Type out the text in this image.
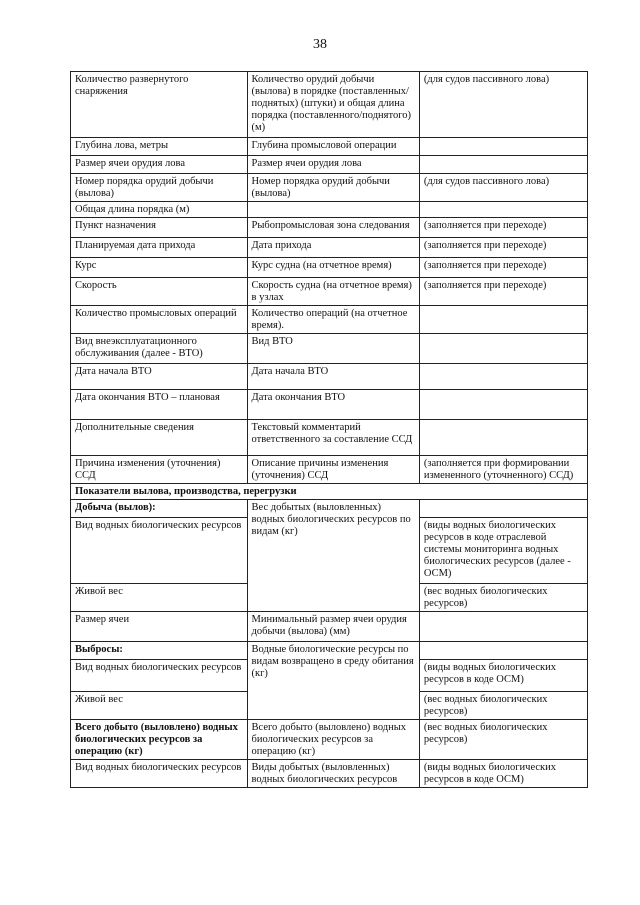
38
Количество развернутого снаряжения	Количество орудий добычи (вылова) в порядке (поставленных/поднятых) (штуки) и общая длина порядка (поставленного/поднятого) (м)	(для судов пассивного лова)
Глубина лова, метры	Глубина промысловой операции	
Размер ячеи орудия лова	Размер ячеи орудия лова	
Номер порядка орудий добычи (вылова)	Номер порядка орудий добычи (вылова)	(для судов пассивного лова)
Общая длина порядка (м)		
Пункт назначения	Рыбопромысловая зона следования	(заполняется при переходе)
Планируемая дата прихода	Дата прихода	(заполняется при переходе)
Курс	Курс судна (на отчетное время)	(заполняется при переходе)
Скорость	Скорость судна (на отчетное время) в узлах	(заполняется при переходе)
Количество промысловых операций	Количество операций (на отчетное время).	
Вид внеэксплуатационного обслуживания (далее - ВТО)	Вид ВТО	
Дата начала ВТО	Дата начала ВТО	
Дата окончания ВТО – плановая	Дата окончания ВТО	
Дополнительные сведения	Текстовый комментарий ответственного за составление ССД	
Причина изменения (уточнения) ССД	Описание причины изменения (уточнения) ССД	(заполняется при формировании измененного (уточненного) ССД)
Показатели вылова, производства, перегрузки		
Добыча (вылов):	Вес добытых (выловленных) водных биологических ресурсов по видам (кг)	
Вид водных биологических ресурсов		(виды водных биологических ресурсов в коде отраслевой системы мониторинга водных биологических ресурсов (далее - ОСМ)
Живой вес		(вес водных биологических ресурсов)
Размер ячеи	Минимальный размер ячеи орудия добычи (вылова) (мм)	
Выбросы:	Водные биологические ресурсы по видам возвращено в среду обитания (кг)	
Вид водных биологических ресурсов		(виды водных биологических ресурсов в коде ОСМ)
Живой вес		(вес водных биологических ресурсов)
Всего добыто (выловлено) водных биологических ресурсов за операцию (кг)	Всего добыто (выловлено) водных биологических ресурсов за операцию (кг)	(вес водных биологических ресурсов)
Вид водных биологических ресурсов	Виды добытых (выловленных) водных биологических ресурсов	(виды водных биологических ресурсов в коде ОСМ)
